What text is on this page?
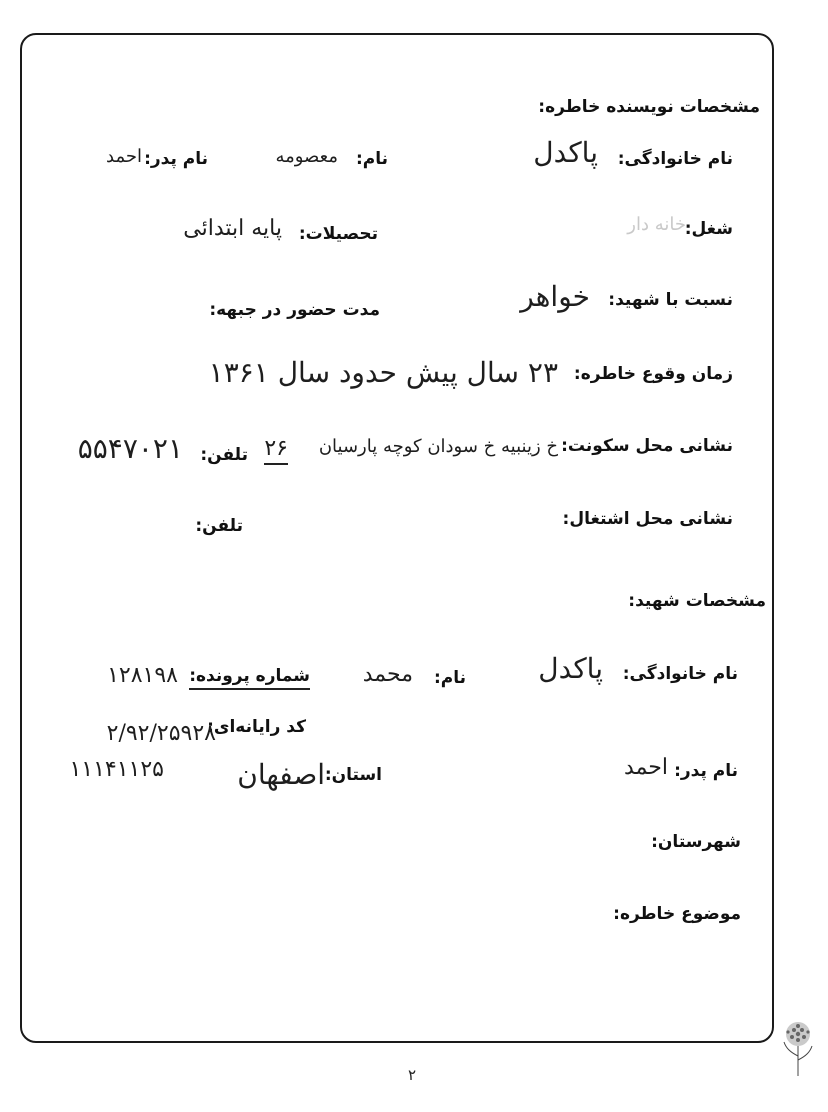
مشخصات نویسنده خاطره:
نام خانوادگی:
پاکدل
نام:
معصومه
نام پدر:
احمد
شغل:
خانه دار
تحصیلات:
پایه ابتدائی
نسبت با شهید:
خواهر
مدت حضور در جبهه:
زمان وقوع خاطره:
۲۳ سال پیش حدود سال ۱۳۶۱
نشانی محل سکونت:
خ زینبیه خ سودان کوچه پارسیان
۲۶
تلفن:
۵۵۴۷۰۲۱
نشانی محل اشتغال:
تلفن:
مشخصات شهید:
نام خانوادگی:
پاکدل
نام:
محمد
شماره پرونده:
۱۲۸۱۹۸
کد رایانه‌ای:
۲/۹۲/۲۵۹۲۸
۱۱۱۴۱۱۲۵	نام پدر:
احمد
استان:
اصفهان
شهرستان:
موضوع خاطره:
۲
